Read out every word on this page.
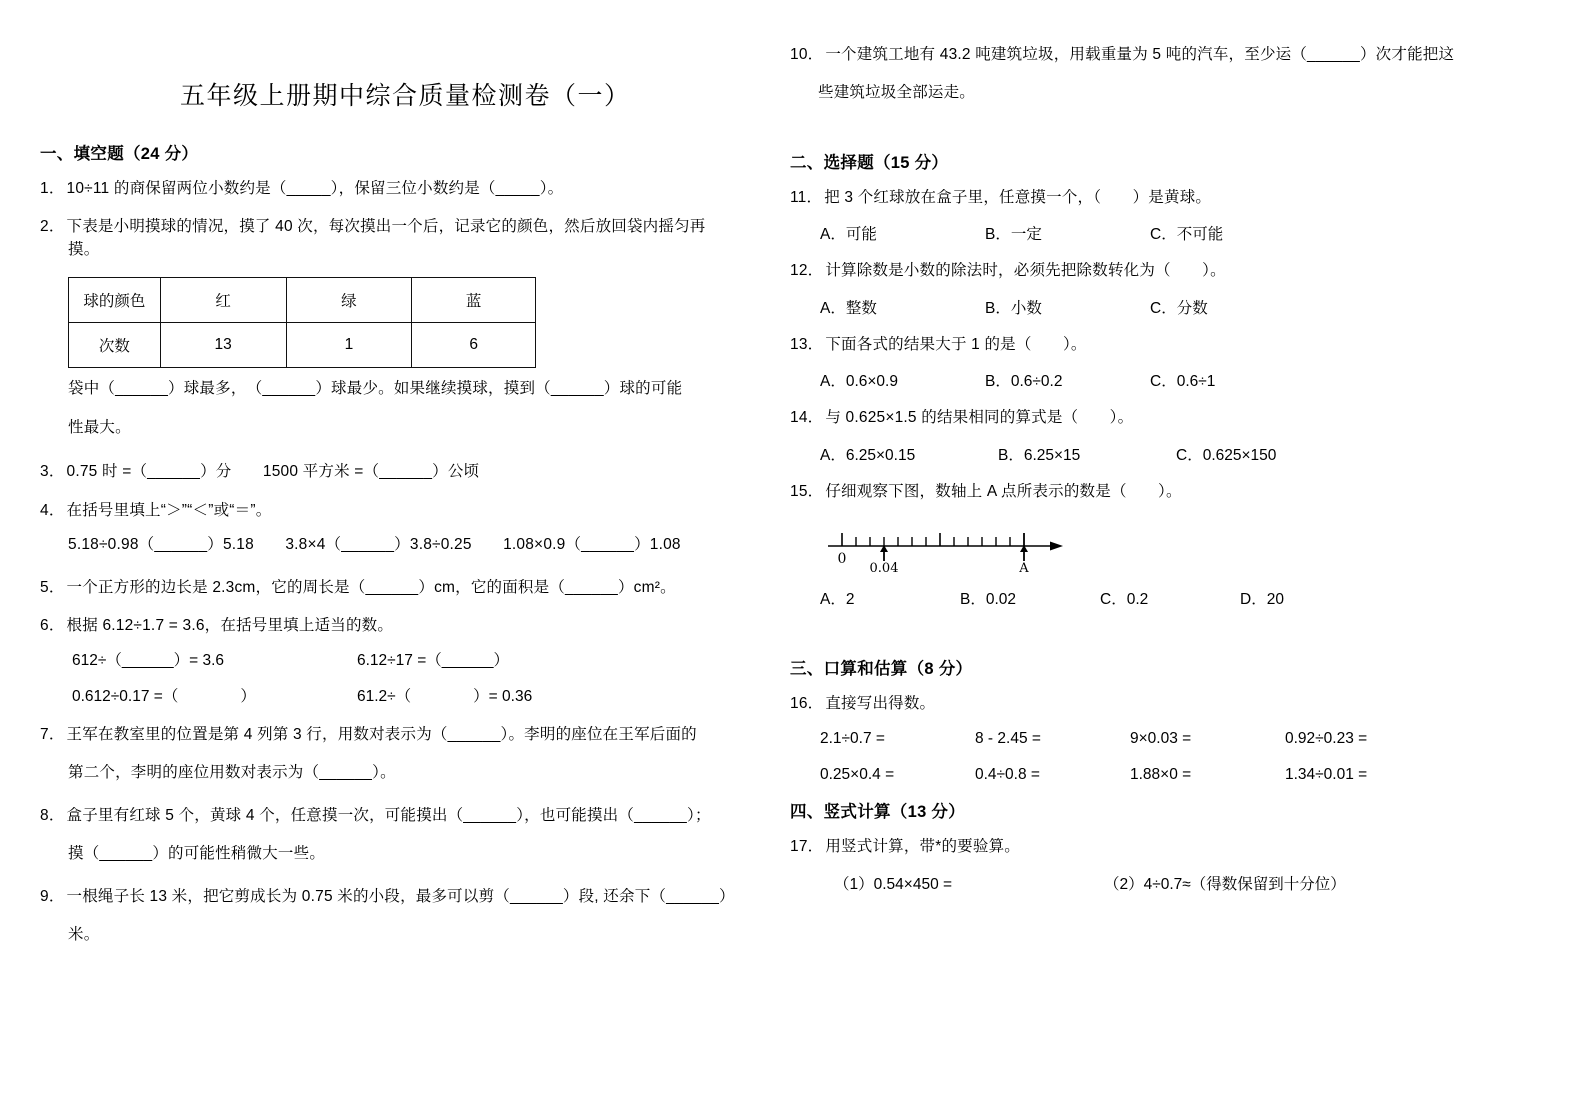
五年级上册期中综合质量检测卷（一）
一、填空题（24 分）
1． 10÷11 的商保留两位小数约是（_____），保留三位小数约是（_____）。
2． 下表是小明摸球的情况，摸了 40 次，每次摸出一个后，记录它的颜色，然后放回袋内摇匀再
摸。
球的颜色	红	绿	蓝
次数	13	1	6
袋中（______）球最多，　（______）球最少。如果继续摸球，摸到（______）球的可能
性最大。
3． 0.75 时 =（______）分　　1500 平方米 =（______）公顷
4． 在括号里填上“＞”“＜”或“＝”。
5.18÷0.98（______）5.18　　3.8×4（______）3.8÷0.25　　1.08×0.9（______）1.08
5． 一个正方形的边长是 2.3cm，它的周长是（______）cm，它的面积是（______）cm²。
6． 根据 6.12÷1.7 = 3.6，在括号里填上适当的数。
612÷（______）= 3.6	6.12÷17 =（______）
0.612÷0.17 =（　　　　）	61.2÷（　　　　）= 0.36
7． 王军在教室里的位置是第 4 列第 3 行，用数对表示为（______）。李明的座位在王军后面的
第二个，李明的座位用数对表示为（______）。
8． 盒子里有红球 5 个，黄球 4 个，任意摸一次，可能摸出（______），也可能摸出（______）；
摸（______）的可能性稍微大一些。
9． 一根绳子长 13 米，把它剪成长为 0.75 米的小段，最多可以剪（______）段, 还余下（______）
米。
10． 一个建筑工地有 43.2 吨建筑垃圾，用载重量为 5 吨的汽车，至少运（______）次才能把这
些建筑垃圾全部运走。
二、选择题（15 分）
11． 把 3 个红球放在盒子里，任意摸一个，（　　）是黄球。
A．可能	B．一定	C．不可能
12． 计算除数是小数的除法时，必须先把除数转化为（　　）。
A．整数	B．小数	C．分数
13． 下面各式的结果大于 1 的是（　　）。
A．0.6×0.9	B．0.6÷0.2	C．0.6÷1
14． 与 0.625×1.5 的结果相同的算式是（　　）。
A．6.25×0.15	B．6.25×15	C．0.625×150
15． 仔细观察下图，数轴上 A 点所表示的数是（　　）。
0
0.04	A
A．2	B．0.02	C．0.2	D．20
三、口算和估算（8 分）
16． 直接写出得数。
2.1÷0.7 =	8 - 2.45 =	9×0.03 =	0.92÷0.23 =
0.25×0.4 =	0.4÷0.8 =	1.88×0 =	1.34÷0.01 =
四、竖式计算（13 分）
17． 用竖式计算，带*的要验算。
（1）0.54×450 =	（2）4÷0.7≈（得数保留到十分位）
